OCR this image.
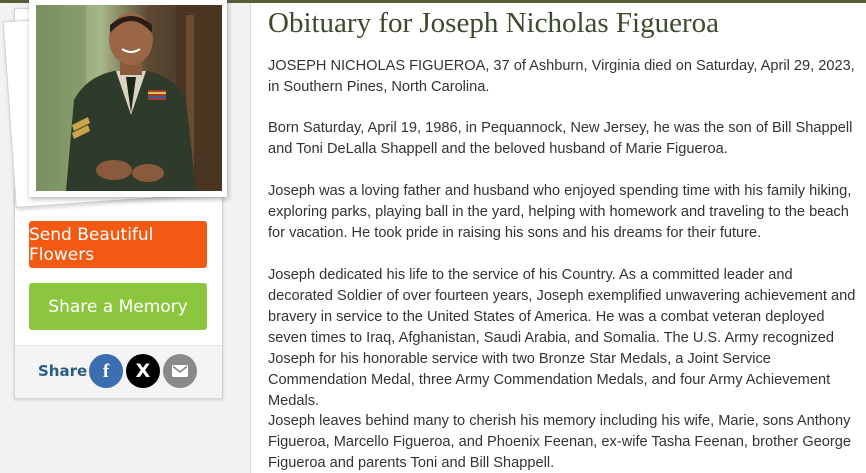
Send Beautiful Flowers
Share a Memory
Share f X
Obituary for Joseph Nicholas Figueroa

JOSEPH NICHOLAS FIGUEROA, 37 of Ashburn, Virginia died on Saturday, April 29, 2023, in Southern Pines, North Carolina.

Born Saturday, April 19, 1986, in Pequannock, New Jersey, he was the son of Bill Shappell and Toni DeLalla Shappell and the beloved husband of Marie Figueroa.

Joseph was a loving father and husband who enjoyed spending time with his family hiking, exploring parks, playing ball in the yard, helping with homework and traveling to the beach for vacation. He took pride in raising his sons and his dreams for their future.

Joseph dedicated his life to the service of his Country. As a committed leader and decorated Soldier of over fourteen years, Joseph exemplified unwavering achievement and bravery in service to the United States of America. He was a combat veteran deployed seven times to Iraq, Afghanistan, Saudi Arabia, and Somalia. The U.S. Army recognized Joseph for his honorable service with two Bronze Star Medals, a Joint Service Commendation Medal, three Army Commendation Medals, and four Army Achievement Medals.

Joseph leaves behind many to cherish his memory including his wife, Marie, sons Anthony Figueroa, Marcello Figueroa, and Phoenix Feenan, ex-wife Tasha Feenan, brother George Figueroa and parents Toni and Bill Shappell.
